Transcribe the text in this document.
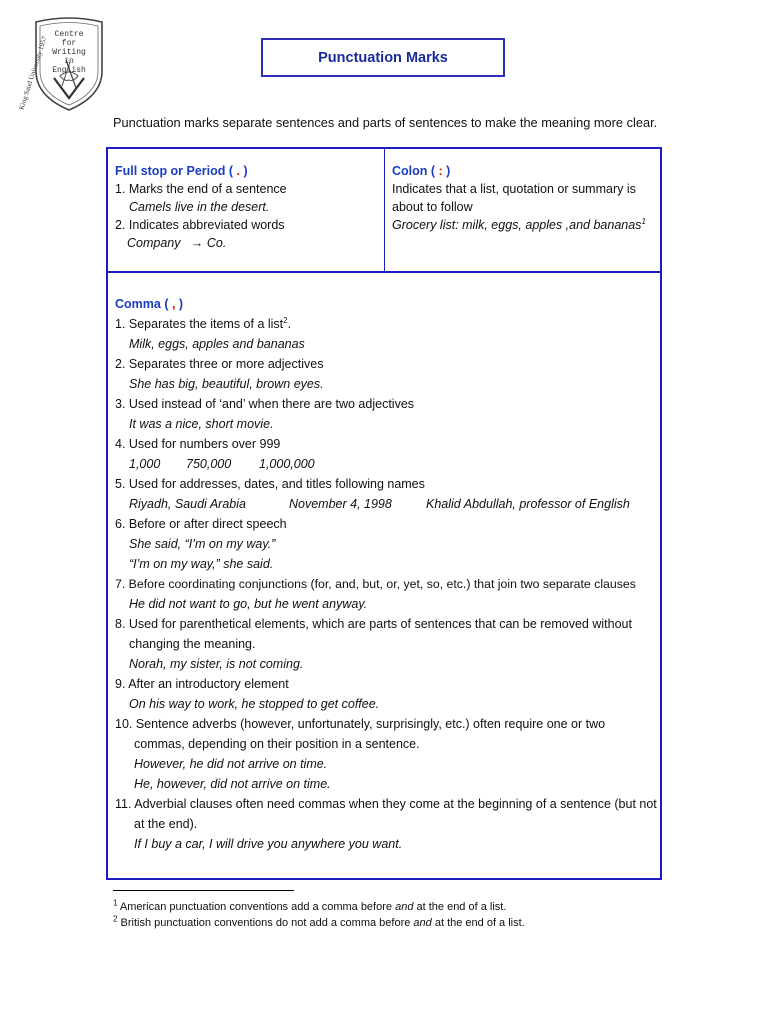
Centre for
Writing in
English
King Saud University 1957	Punctuation Marks
Punctuation marks separate sentences and parts of sentences to make the meaning more clear.
Full stop or Period ( . )
1. Marks the end of a sentence
Camels live in the desert.
2. Indicates abbreviated words
Company → Co.
Colon ( : )
Indicates that a list, quotation or summary is about to follow
Grocery list: milk, eggs, apples ,and bananas$^1$
Comma ( , )
1. Separates the items of a list$^2$.
Milk, eggs, apples and bananas
2. Separates three or more adjectives
She has big, beautiful, brown eyes.
3. Used instead of ‘and’ when there are two adjectives
It was a nice, short movie.
4. Used for numbers over 999
1,000 750,000 1,000,000
5. Used for addresses, dates, and titles following names
Riyadh, Saudi Arabia	November 4, 1998	Khalid Abdullah, professor of English
6. Before or after direct speech
She said, “I’m on my way.”
“I’m on my way,” she said.
7. Before coordinating conjunctions (for, and, but, or, yet, so, etc.) that join two separate clauses
He did not want to go, but he went anyway.
8. Used for parenthetical elements, which are parts of sentences that can be removed without changing the meaning.
Norah, my sister, is not coming.
9. After an introductory element
On his way to work, he stopped to get coffee.
10. Sentence adverbs (however, unfortunately, surprisingly, etc.) often require one or two commas, depending on their position in a sentence.
However, he did not arrive on time.
He, however, did not arrive on time.
11. Adverbial clauses often need commas when they come at the beginning of a sentence (but not at the end).
If I buy a car, I will drive you anywhere you want.
$^1$ American punctuation conventions add a comma before and at the end of a list.
$^2$ British punctuation conventions do not add a comma before and at the end of a list.
